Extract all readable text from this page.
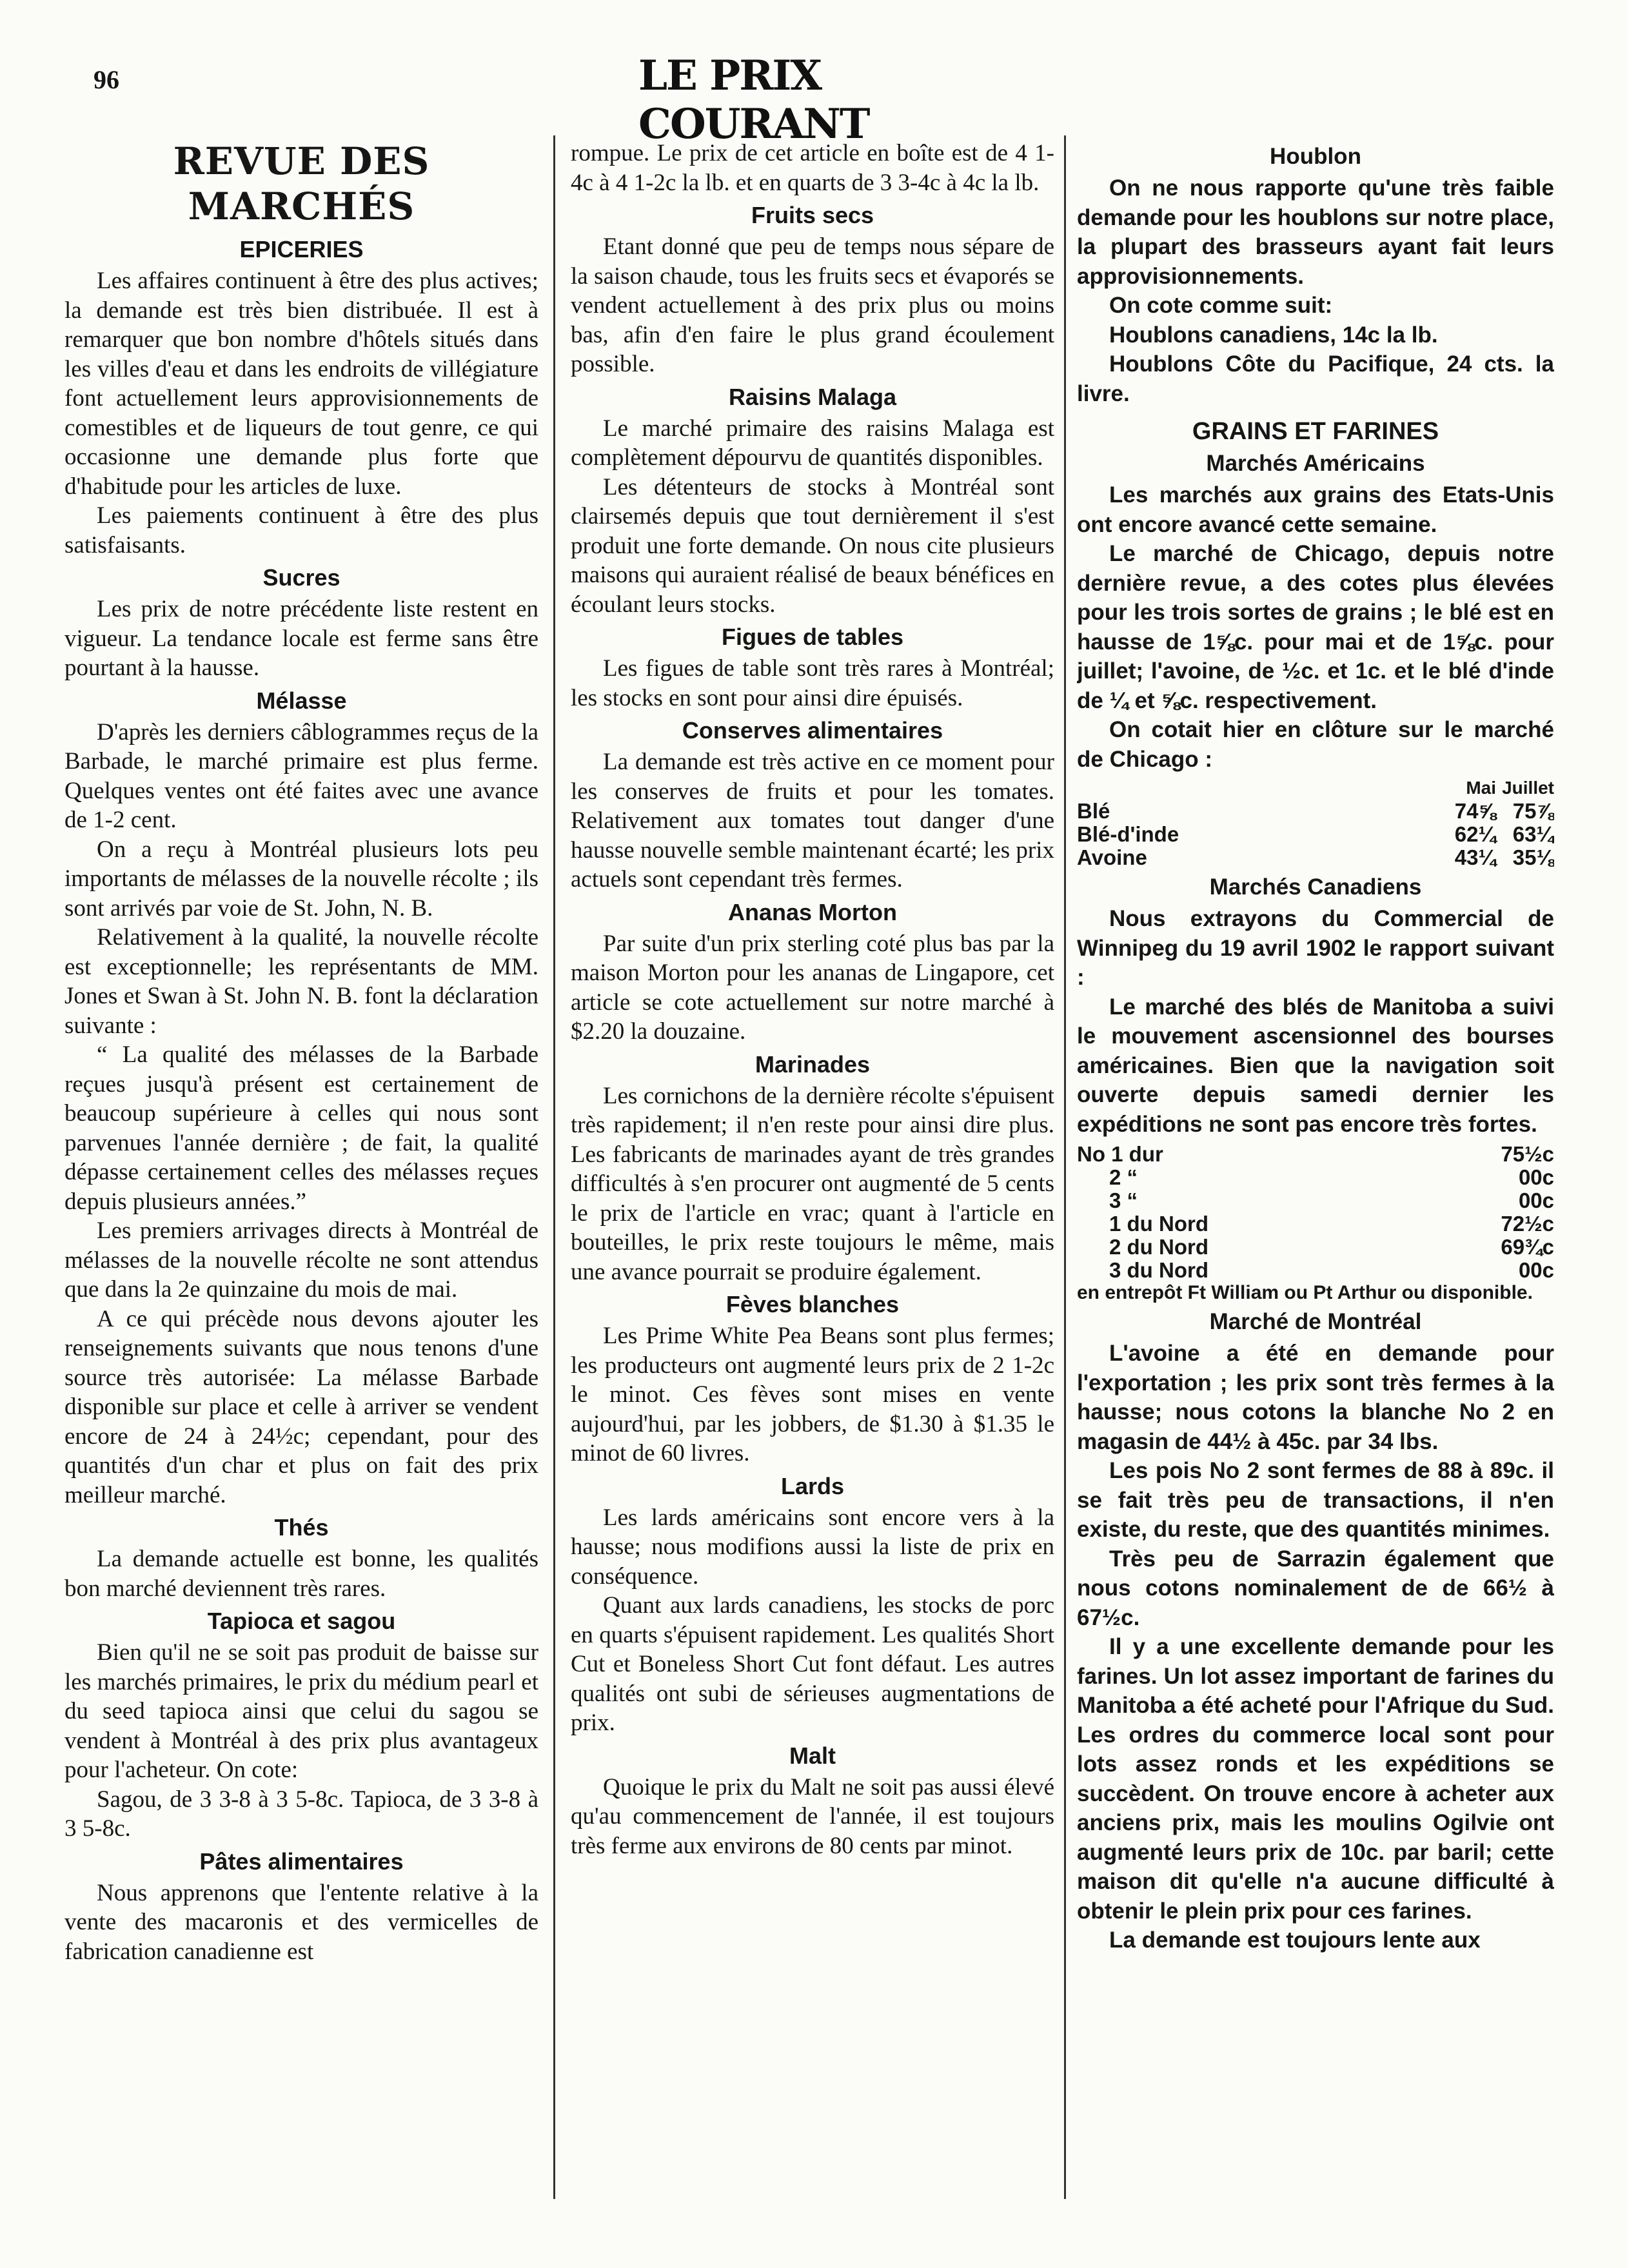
96	LE PRIX COURANT
REVUE DES MARCHÉS
EPICERIES

Les affaires continuent à être des plus actives; la demande est très bien distribuée. Il est à remarquer que bon nombre d'hôtels situés dans les villes d'eau et dans les endroits de villégiature font actuellement leurs approvisionnements de comestibles et de liqueurs de tout genre, ce qui occasionne une demande plus forte que d'habitude pour les articles de luxe.

Les paiements continuent à être des plus satisfaisants.

Sucres

Les prix de notre précédente liste restent en vigueur. La tendance locale est ferme sans être pourtant à la hausse.

Mélasse

D'après les derniers câblogrammes reçus de la Barbade, le marché primaire est plus ferme. Quelques ventes ont été faites avec une avance de 1-2 cent.

On a reçu à Montréal plusieurs lots peu importants de mélasses de la nouvelle récolte ; ils sont arrivés par voie de St. John, N. B.

Relativement à la qualité, la nouvelle récolte est exceptionnelle; les représentants de MM. Jones et Swan à St. John N. B. font la déclaration suivante :

“ La qualité des mélasses de la Barbade reçues jusqu'à présent est certainement de beaucoup supérieure à celles qui nous sont parvenues l'année dernière ; de fait, la qualité dépasse certainement celles des mélasses reçues depuis plusieurs années.”

Les premiers arrivages directs à Montréal de mélasses de la nouvelle récolte ne sont attendus que dans la 2e quinzaine du mois de mai.

A ce qui précède nous devons ajouter les renseignements suivants que nous tenons d'une source très autorisée: La mélasse Barbade disponible sur place et celle à arriver se vendent encore de 24 à 24½c; cependant, pour des quantités d'un char et plus on fait des prix meilleur marché.

Thés

La demande actuelle est bonne, les qualités bon marché deviennent très rares.

Tapioca et sagou

Bien qu'il ne se soit pas produit de baisse sur les marchés primaires, le prix du médium pearl et du seed tapioca ainsi que celui du sagou se vendent à Montréal à des prix plus avantageux pour l'acheteur. On cote:

Sagou, de 3 3-8 à 3 5-8c. Tapioca, de 3 3-8 à 3 5-8c.

Pâtes alimentaires

Nous apprenons que l'entente relative à la vente des macaronis et des vermicelles de fabrication canadienne est

rompue. Le prix de cet article en boîte est de 4 1-4c à 4 1-2c la lb. et en quarts de 3 3-4c à 4c la lb.

Fruits secs

Etant donné que peu de temps nous sépare de la saison chaude, tous les fruits secs et évaporés se vendent actuellement à des prix plus ou moins bas, afin d'en faire le plus grand écoulement possible.

Raisins Malaga

Le marché primaire des raisins Malaga est complètement dépourvu de quantités disponibles.

Les détenteurs de stocks à Montréal sont clairsemés depuis que tout dernièrement il s'est produit une forte demande. On nous cite plusieurs maisons qui auraient réalisé de beaux bénéfices en écoulant leurs stocks.

Figues de tables

Les figues de table sont très rares à Montréal; les stocks en sont pour ainsi dire épuisés.

Conserves alimentaires

La demande est très active en ce moment pour les conserves de fruits et pour les tomates. Relativement aux tomates tout danger d'une hausse nouvelle semble maintenant écarté; les prix actuels sont cependant très fermes.

Ananas Morton

Par suite d'un prix sterling coté plus bas par la maison Morton pour les ananas de Lingapore, cet article se cote actuellement sur notre marché à $2.20 la douzaine.

Marinades

Les cornichons de la dernière récolte s'épuisent très rapidement; il n'en reste pour ainsi dire plus. Les fabricants de marinades ayant de très grandes difficultés à s'en procurer ont augmenté de 5 cents le prix de l'article en vrac; quant à l'article en bouteilles, le prix reste toujours le même, mais une avance pourrait se produire également.

Fèves blanches

Les Prime White Pea Beans sont plus fermes; les producteurs ont augmenté leurs prix de 2 1-2c le minot. Ces fèves sont mises en vente aujourd'hui, par les jobbers, de $1.30 à $1.35 le minot de 60 livres.

Lards

Les lards américains sont encore vers à la hausse; nous modifions aussi la liste de prix en conséquence.

Quant aux lards canadiens, les stocks de porc en quarts s'épuisent rapidement. Les qualités Short Cut et Boneless Short Cut font défaut. Les autres qualités ont subi de sérieuses augmentations de prix.

Malt

Quoique le prix du Malt ne soit pas aussi élevé qu'au commencement de l'année, il est toujours très ferme aux environs de 80 cents par minot.

Houblon

On ne nous rapporte qu'une très faible demande pour les houblons sur notre place, la plupart des brasseurs ayant fait leurs approvisionnements.

On cote comme suit:

Houblons canadiens, 14c la lb.

Houblons Côte du Pacifique, 24 cts. la livre.

GRAINS ET FARINES
Marchés Américains

Les marchés aux grains des Etats-Unis ont encore avancé cette semaine.

Le marché de Chicago, depuis notre dernière revue, a des cotes plus élevées pour les trois sortes de grains ; le blé est en hausse de 1⅝c. pour mai et de 1⅝c. pour juillet; l'avoine, de ½c. et 1c. et le blé d'inde de ¼ et ⅝c. respectivement.

On cotait hier en clôture sur le marché de Chicago :

	Mai	Juillet
Blé	74⅝	75⅞
Blé-d'inde	62¼	63¼
Avoine	43¼	35⅛
Marchés Canadiens

Nous extrayons du Commercial de Winnipeg du 19 avril 1902 le rapport suivant :

Le marché des blés de Manitoba a suivi le mouvement ascensionnel des bourses américaines. Bien que la navigation soit ouverte depuis samedi dernier les expéditions ne sont pas encore très fortes.

No 1 dur	75½c
2 “	00c
3 “	00c
1 du Nord	72½c
2 du Nord	69¾c
3 du Nord	00c
en entrepôt Ft William ou Pt Arthur ou disponible.
Marché de Montréal

L'avoine a été en demande pour l'exportation ; les prix sont très fermes à la hausse; nous cotons la blanche No 2 en magasin de 44½ à 45c. par 34 lbs.

Les pois No 2 sont fermes de 88 à 89c. il se fait très peu de transactions, il n'en existe, du reste, que des quantités minimes.

Très peu de Sarrazin également que nous cotons nominalement de de 66½ à 67½c.

Il y a une excellente demande pour les farines. Un lot assez important de farines du Manitoba a été acheté pour l'Afrique du Sud. Les ordres du commerce local sont pour lots assez ronds et les expéditions se succèdent. On trouve encore à acheter aux anciens prix, mais les moulins Ogilvie ont augmenté leurs prix de 10c. par baril; cette maison dit qu'elle n'a aucune difficulté à obtenir le plein prix pour ces farines.

La demande est toujours lente aux
